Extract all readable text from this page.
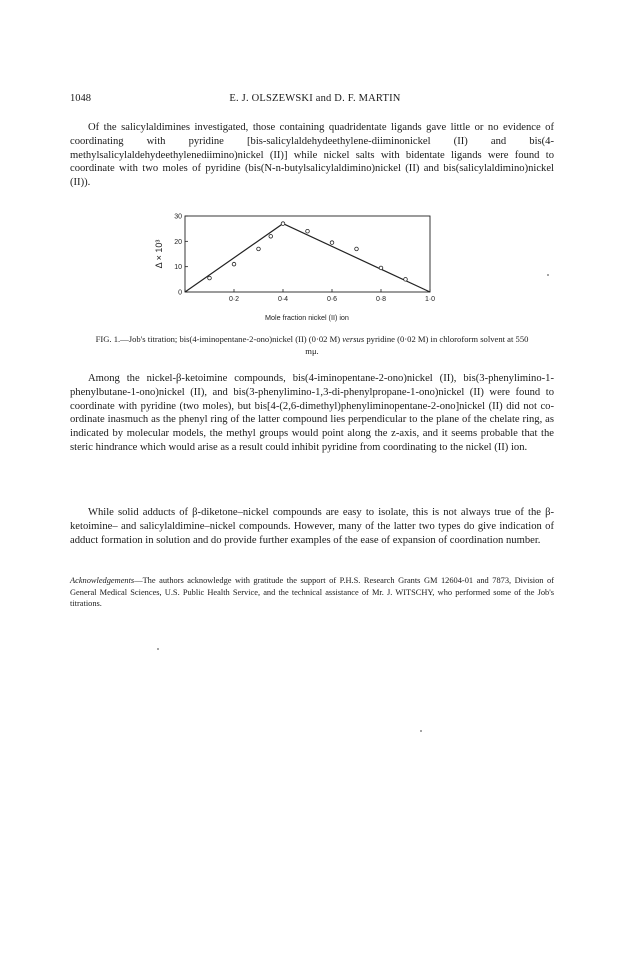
1048	E. J. OLSZEWSKI and D. F. MARTIN

Of the salicylaldimines investigated, those containing quadridentate ligands gave little or no evidence of coordinating with pyridine [bis-salicylaldehydeethylene-diiminonickel (II) and bis(4-methylsalicylaldehydeethylenediimino)nickel (II)] while nickel salts with bidentate ligands were found to coordinate with two moles of pyridine (bis(N-n-butylsalicylaldimino)nickel (II) and bis(salicylaldimino)nickel (II)).

0·2	0·4	0·6	0·8	1·0
0
10
20
30
Δ × 10³
Mole fraction nickel (II) ion

FIG. 1.—Job's titration; bis(4-iminopentane-2-ono)nickel (II) (0·02 M) versus pyridine (0·02 M) in chloroform solvent at 550 mμ.

Among the nickel-β-ketoimine compounds, bis(4-iminopentane-2-ono)nickel (II), bis(3-phenylimino-1-phenylbutane-1-ono)nickel (II), and bis(3-phenylimino-1,3-di-phenylpropane-1-ono)nickel (II) were found to coordinate with pyridine (two moles), but bis[4-(2,6-dimethyl)phenyliminopentane-2-ono]nickel (II) did not co-ordinate inasmuch as the phenyl ring of the latter compound lies perpendicular to the plane of the chelate ring, as indicated by molecular models, the methyl groups would point along the z-axis, and it seems probable that the steric hindrance which would arise as a result could inhibit pyridine from coordinating to the nickel (II) ion.

While solid adducts of β-diketone–nickel compounds are easy to isolate, this is not always true of the β-ketoimine– and salicylaldimine–nickel compounds. However, many of the latter two types do give indication of adduct formation in solution and do provide further examples of the ease of expansion of coordination number.

Acknowledgements—The authors acknowledge with gratitude the support of P.H.S. Research Grants GM 12604-01 and 7873, Division of General Medical Sciences, U.S. Public Health Service, and the technical assistance of Mr. J. WITSCHY, who performed some of the Job's titrations.
